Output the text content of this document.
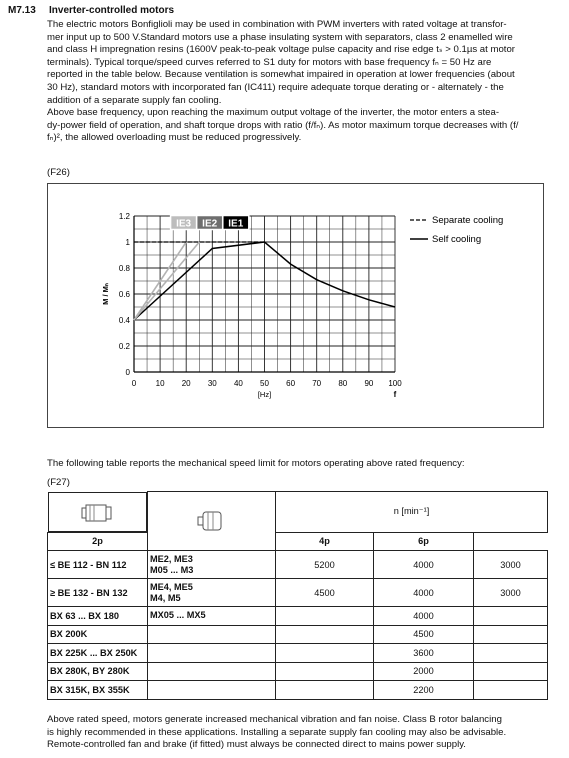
M7.13 Inverter-controlled motors

The electric motors Bonfiglioli may be used in combination with PWM inverters with rated voltage at transfor-

mer input up to 500 V.Standard motors use a phase insulating system with separators, class 2 enamelled wire

and class H impregnation resins (1600V peak-to-peak voltage pulse capacity and rise edge tₛ > 0.1µs at motor

terminals). Typical torque/speed curves referred to S1 duty for motors with base frequency fₙ = 50 Hz are

reported in the table below. Because ventilation is somewhat impaired in operation at lower frequencies (about

30 Hz), standard motors with incorporated fan (IC411) require adequate torque derating or - alternately - the

addition of a separate supply fan cooling.

Above base frequency, upon reaching the maximum output voltage of the inverter, the motor enters a stea-

dy-power field of operation, and shaft torque drops with ratio (f/fₙ). As motor maximum torque decreases with (f/

fₙ)², the allowed overloading must be reduced progressively.

(F26)
0 10 20 30 40 50 60 70 80 90 100
0
0.2
0.4
0.6
0.8
1
1.2
[Hz]	f
M / Mₙ
IE3 IE2 IE1	Separate cooling
Self cooling
The following table reports the mechanical speed limit for motors operating above rated frequency:
(F27)
	n [min⁻¹]		
2p		4p	6p	
≤ BE 112 - BN 112	ME2, ME3
M05 ... M3	5200	4000	3000
≥ BE 132 - BN 132	ME4, ME5
M4, M5	4500	4000	3000
BX 63 ... BX 180	MX05 ... MX5		4000	
BX 200K			4500	
BX 225K ... BX 250K			3600	
BX 280K, BY 280K			2000	
BX 315K, BX 355K			2200	

Above rated speed, motors generate increased mechanical vibration and fan noise. Class B rotor balancing

is highly recommended in these applications. Installing a separate supply fan cooling may also be advisable.

Remote-controlled fan and brake (if fitted) must always be connected direct to mains power supply.
